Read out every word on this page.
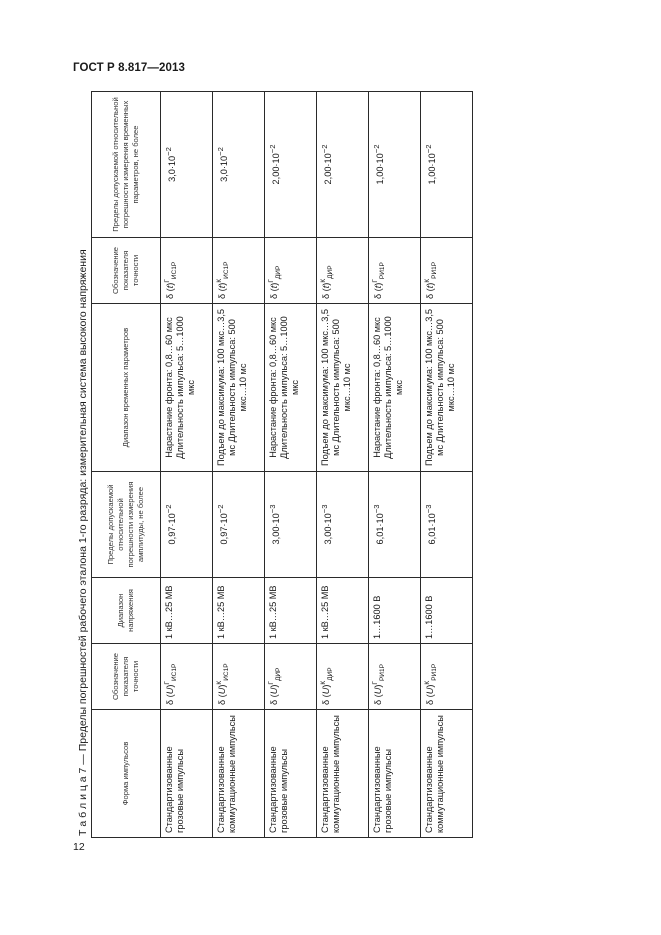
ГОСТ Р 8.817—2013
Т а б л и ц а 7 — Пределы погрешностей рабочего эталона 1-го разряда: измерительная система высокого напряжения	Форма импульсов	Обозначение показателя точности	Диапазон напряжения	Пределы допускаемой относительной погрешности измерения амплитуды, не более	Диапазон временных параметров	Обозначение показателя точности	Пределы допускаемой относительной погрешности измерения временных параметров, не более
Стандартизованные грозовые импульсы	δ $(U)^Г_{ИС1Р}$	1 кВ…25 МВ	$0,97\cdot 10^{-2}$	Нарастание фронта: 0,8…60 мкс Длительность импульса: 5…1000 мкс	δ $(t)^Г_{ИС1Р}$	$3,0\cdot 10^{-2}$
Стандартизованные коммутационные импульсы	δ $(U)^К_{ИС1Р}$	1 кВ…25 МВ	$0,97\cdot 10^{-2}$	Подъем до максимума: 100 мкс…3,5 мс Длительность импульса: 500 мкс…10 мс	δ $(t)^К_{ИС1Р}$	$3,0\cdot 10^{-2}$
Стандартизованные грозовые импульсы	δ $(U)^Г_{ДИР}$	1 кВ…25 МВ	$3,00\cdot 10^{-3}$	Нарастание фронта: 0,8…60 мкс Длительность импульса: 5…1000 мкс	δ $(t)^Г_{ДИР}$	$2,00\cdot 10^{-2}$
Стандартизованные коммутационные импульсы	δ $(U)^К_{ДИР}$	1 кВ…25 МВ	$3,00\cdot 10^{-3}$	Подъем до максимума: 100 мкс…3,5 мс Длительность импульса: 500 мкс…10 мс	δ $(t)^К_{ДИР}$	$2,00\cdot 10^{-2}$
Стандартизованные грозовые импульсы	δ $(U)^Г_{РИ1Р}$	1…1600 В	$6,01\cdot 10^{-3}$	Нарастание фронта: 0,8…60 мкс Длительность импульса: 5…1000 мкс	δ $(t)^Г_{РИ1Р}$	$1,00\cdot 10^{-2}$
Стандартизованные коммутационные импульсы	δ $(U)^К_{РИ1Р}$	1…1600 В	$6,01\cdot 10^{-3}$	Подъем до максимума: 100 мкс…3,5 мс Длительность импульса: 500 мкс…10 мс	δ $(t)^К_{РИ1Р}$	$1,00\cdot 10^{-2}$
12
